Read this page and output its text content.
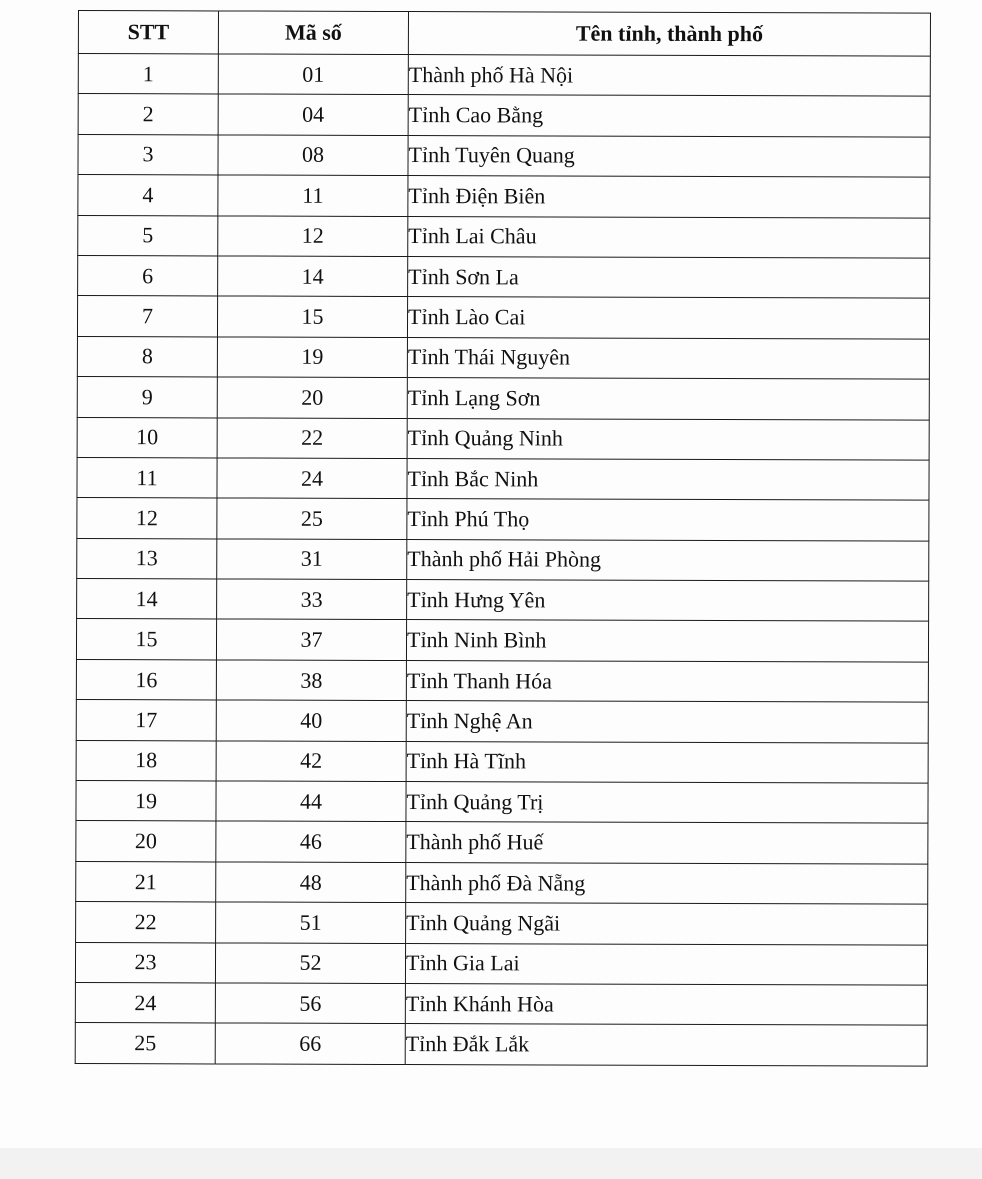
STT	Mã số	Tên tỉnh, thành phố
1	01	Thành phố Hà Nội
2	04	Tỉnh Cao Bằng
3	08	Tỉnh Tuyên Quang
4	11	Tỉnh Điện Biên
5	12	Tỉnh Lai Châu
6	14	Tỉnh Sơn La
7	15	Tỉnh Lào Cai
8	19	Tỉnh Thái Nguyên
9	20	Tỉnh Lạng Sơn
10	22	Tỉnh Quảng Ninh
11	24	Tỉnh Bắc Ninh
12	25	Tỉnh Phú Thọ
13	31	Thành phố Hải Phòng
14	33	Tỉnh Hưng Yên
15	37	Tỉnh Ninh Bình
16	38	Tỉnh Thanh Hóa
17	40	Tỉnh Nghệ An
18	42	Tỉnh Hà Tĩnh
19	44	Tỉnh Quảng Trị
20	46	Thành phố Huế
21	48	Thành phố Đà Nẵng
22	51	Tỉnh Quảng Ngãi
23	52	Tỉnh Gia Lai
24	56	Tỉnh Khánh Hòa
25	66	Tỉnh Đắk Lắk
